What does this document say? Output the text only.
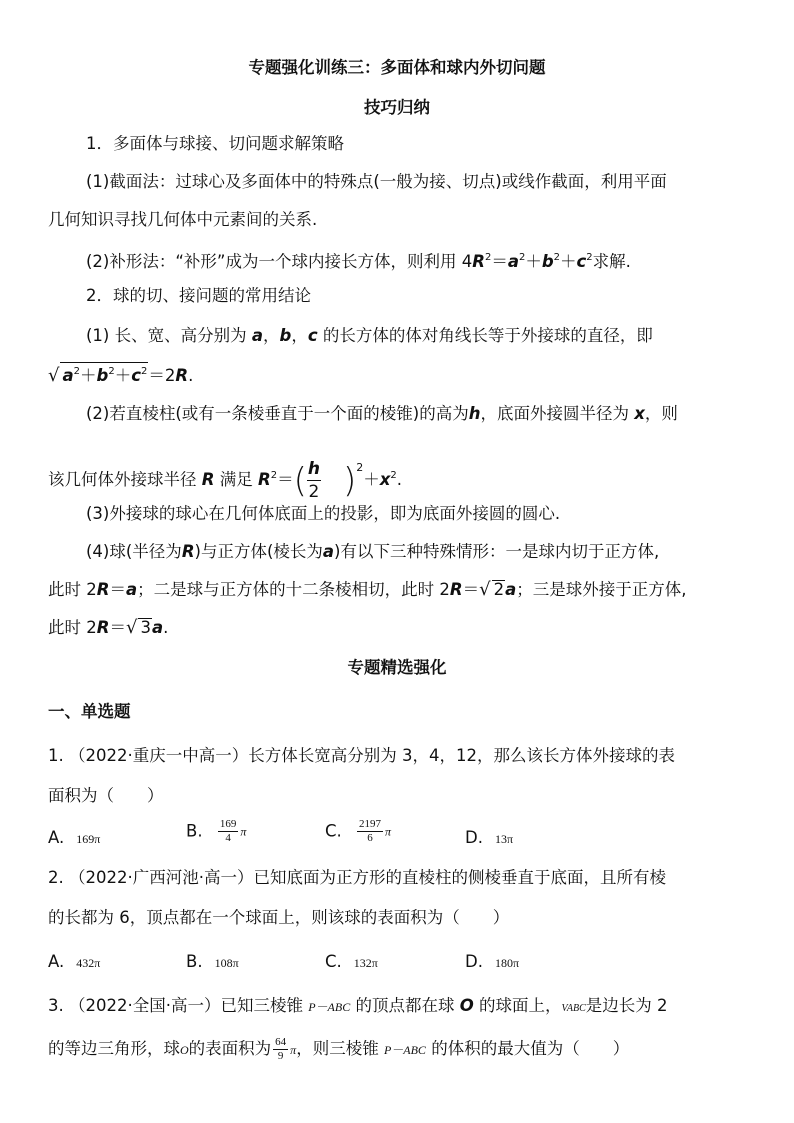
专题强化训练三：多面体和球内外切问题
技巧归纳
1．多面体与球接、切问题求解策略
(1)截面法：过球心及多面体中的特殊点(一般为接、切点)或线作截面，利用平面
几何知识寻找几何体中元素间的关系.
(2)补形法：“补形”成为一个球内接长方体，则利用 $4R^2=a^2+b^2+c^2$求解.
2．球的切、接问题的常用结论
(1) 长、宽、高分别为 a，b，c 的长方体的体对角线长等于外接球的直径，即
√ $a^2+b^2+c^2=2R$.
(2)若直棱柱(或有一条棱垂直于一个面的棱锥)的高为h，底面外接圆半径为 x，则
该几何体外接球半径 R 满足 $R^2=( \frac{h}{2} )^2+x^2$.
(3)外接球的球心在几何体底面上的投影，即为底面外接圆的圆心.
(4)球(半径为R)与正方体(棱长为a)有以下三种特殊情形：一是球内切于正方体,
此时 2R＝a；二是球与正方体的十二条棱相切，此时 2R＝√ 2a；三是球外接于正方体,
此时 2R＝√ 3a.
专题精选强化
一、单选题
1. （2022·重庆一中高一）长方体长宽高分别为 3，4，12，那么该长方体外接球的表
面积为（　　）
A. 169π	B. $\frac{169}{4}$ π	C. $\frac{2197}{6}$ π	D. 13π
2. （2022·广西河池·高一）已知底面为正方形的直棱柱的侧棱垂直于底面，且所有棱
的长都为 6，顶点都在一个球面上，则该球的表面积为（　　）
A. 432π	B. 108π	C. 132π	D. 180π
3. （2022·全国·高一）已知三棱锥 P－ABC 的顶点都在球 O 的球面上，VABC是边长为 2
的等边三角形，球O的表面积为 $\frac{64}{9}$ π，则三棱锥 P－ABC 的体积的最大值为（　　）
